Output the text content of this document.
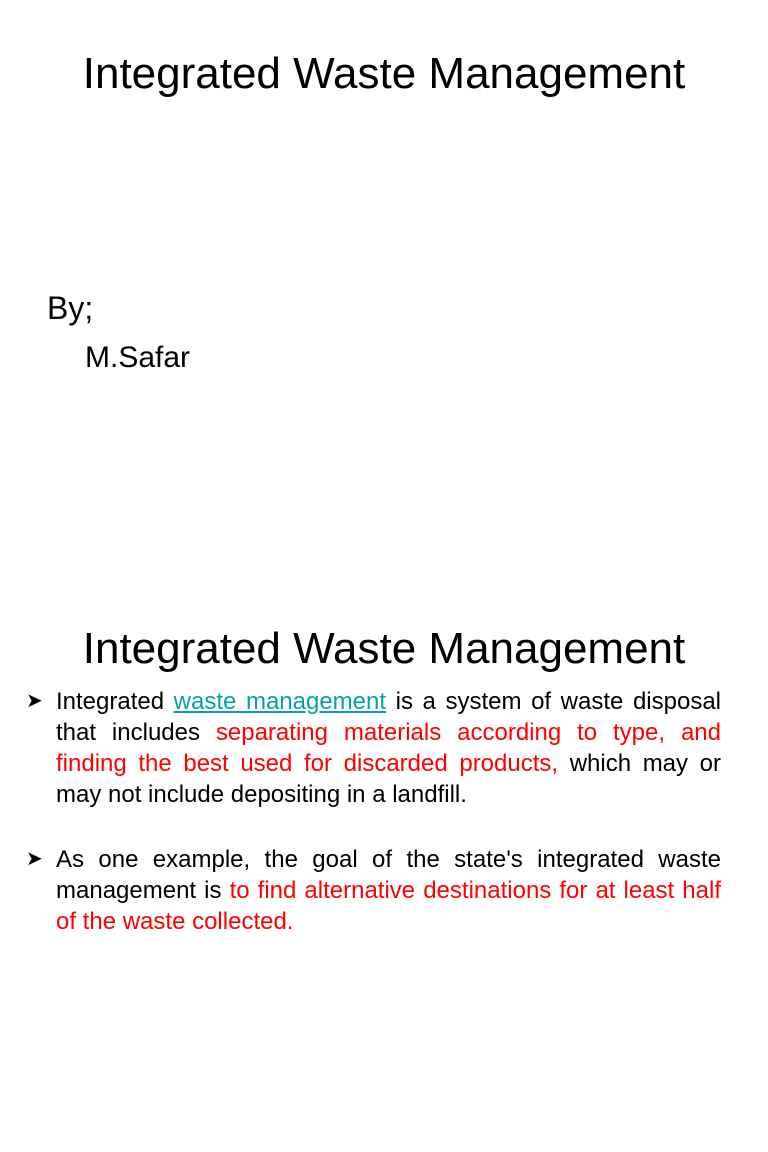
Integrated Waste Management
By;
M.Safar
Integrated Waste Management
➤ Integrated waste management is a system of waste disposal that includes separating materials according to type, and finding the best used for discarded products, which may or may not include depositing in a landfill.
➤ As one example, the goal of the state's integrated waste management is to find alternative destinations for at least half of the waste collected.
